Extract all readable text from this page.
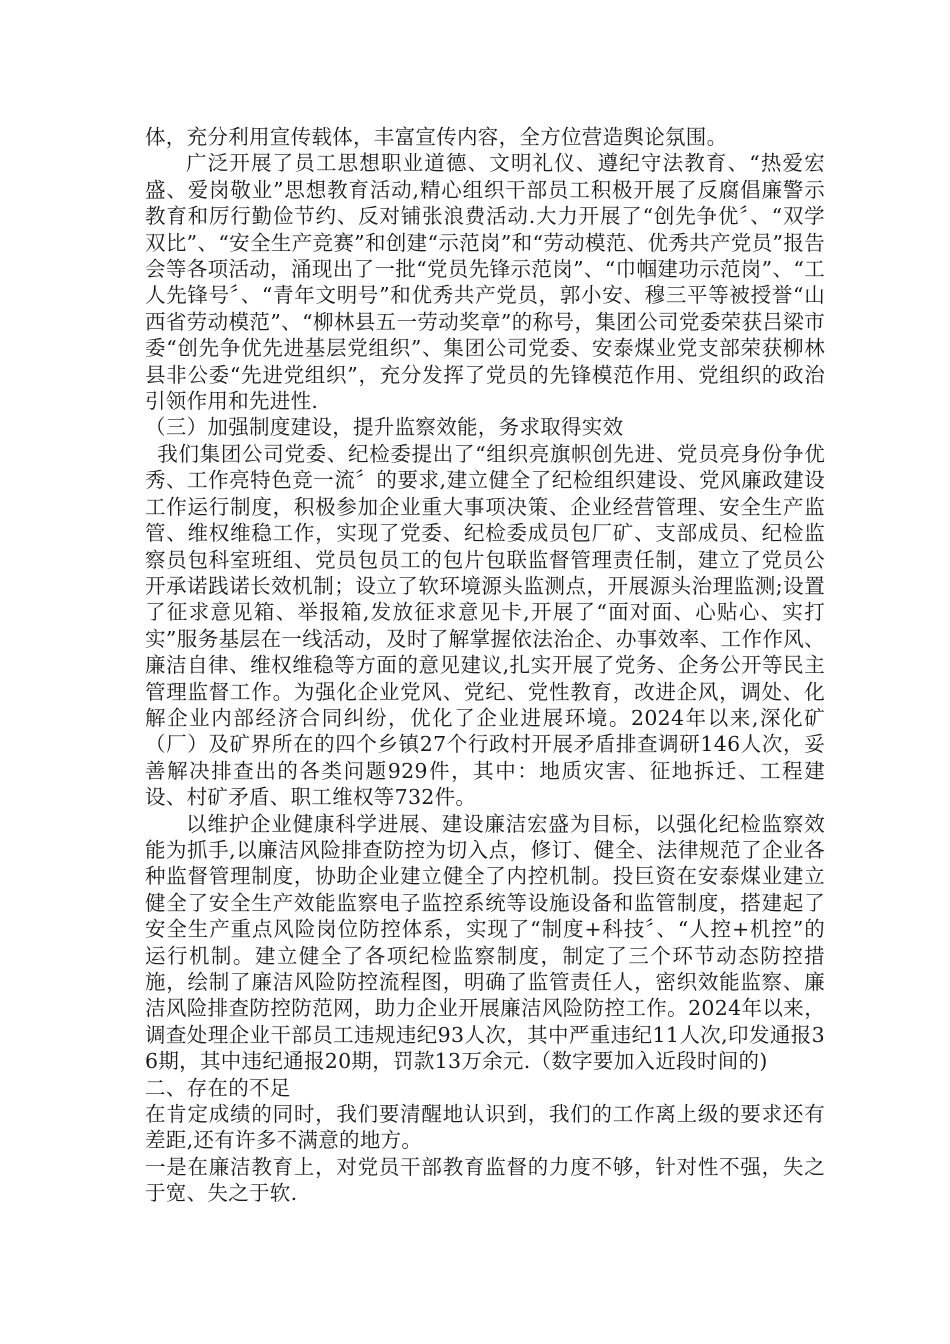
体，充分利用宣传载体，丰富宣传内容，全方位营造舆论氛围。

广泛开展了员工思想职业道德、文明礼仪、遵纪守法教育、“热爱宏盛、爱岗敬业”思想教育活动,精心组织干部员工积极开展了反腐倡廉警示教育和厉行勤俭节约、反对铺张浪费活动.大力开展了“创先争优〞、“双学双比”、“安全生产竞赛”和创建“示范岗”和“劳动模范、优秀共产党员”报告会等各项活动，涌现出了一批“党员先锋示范岗”、“巾帼建功示范岗”、“工人先锋号〞、“青年文明号”和优秀共产党员，郭小安、穆三平等被授誉“山西省劳动模范”、“柳林县五一劳动奖章”的称号，集团公司党委荣获吕梁市委“创先争优先进基层党组织”、集团公司党委、安泰煤业党支部荣获柳林县非公委“先进党组织”，充分发挥了党员的先锋模范作用、党组织的政治引领作用和先进性.

（三）加强制度建设，提升监察效能，务求取得实效

我们集团公司党委、纪检委提出了“组织亮旗帜创先进、党员亮身份争优秀、工作亮特色竞一流〞的要求,建立健全了纪检组织建设、党风廉政建设工作运行制度，积极参加企业重大事项决策、企业经营管理、安全生产监管、维权维稳工作，实现了党委、纪检委成员包厂矿、支部成员、纪检监察员包科室班组、党员包员工的包片包联监督管理责任制，建立了党员公开承诺践诺长效机制；设立了软环境源头监测点，开展源头治理监测;设置了征求意见箱、举报箱,发放征求意见卡,开展了“面对面、心贴心、实打实”服务基层在一线活动，及时了解掌握依法治企、办事效率、工作作风、廉洁自律、维权维稳等方面的意见建议,扎实开展了党务、企务公开等民主管理监督工作。为强化企业党风、党纪、党性教育，改进企风，调处、化解企业内部经济合同纠纷，优化了企业进展环境。2024年以来,深化矿（厂）及矿界所在的四个乡镇27个行政村开展矛盾排查调研146人次，妥善解决排查出的各类问题929件，其中：地质灾害、征地拆迁、工程建设、村矿矛盾、职工维权等732件。

以维护企业健康科学进展、建设廉洁宏盛为目标，以强化纪检监察效能为抓手,以廉洁风险排查防控为切入点，修订、健全、法律规范了企业各种监督管理制度，协助企业建立健全了内控机制。投巨资在安泰煤业建立健全了安全生产效能监察电子监控系统等设施设备和监管制度，搭建起了安全生产重点风险岗位防控体系，实现了“制度+科技〞、“人控+机控”的运行机制。建立健全了各项纪检监察制度，制定了三个环节动态防控措施，绘制了廉洁风险防控流程图，明确了监管责任人，密织效能监察、廉洁风险排查防控防范网，助力企业开展廉洁风险防控工作。2024年以来，调查处理企业干部员工违规违纪93人次，其中严重违纪11人次,印发通报36期，其中违纪通报20期，罚款13万余元.（数字要加入近段时间的)

二、存在的不足

在肯定成绩的同时，我们要清醒地认识到，我们的工作离上级的要求还有差距,还有许多不满意的地方。

一是在廉洁教育上，对党员干部教育监督的力度不够，针对性不强，失之于宽、失之于软.
